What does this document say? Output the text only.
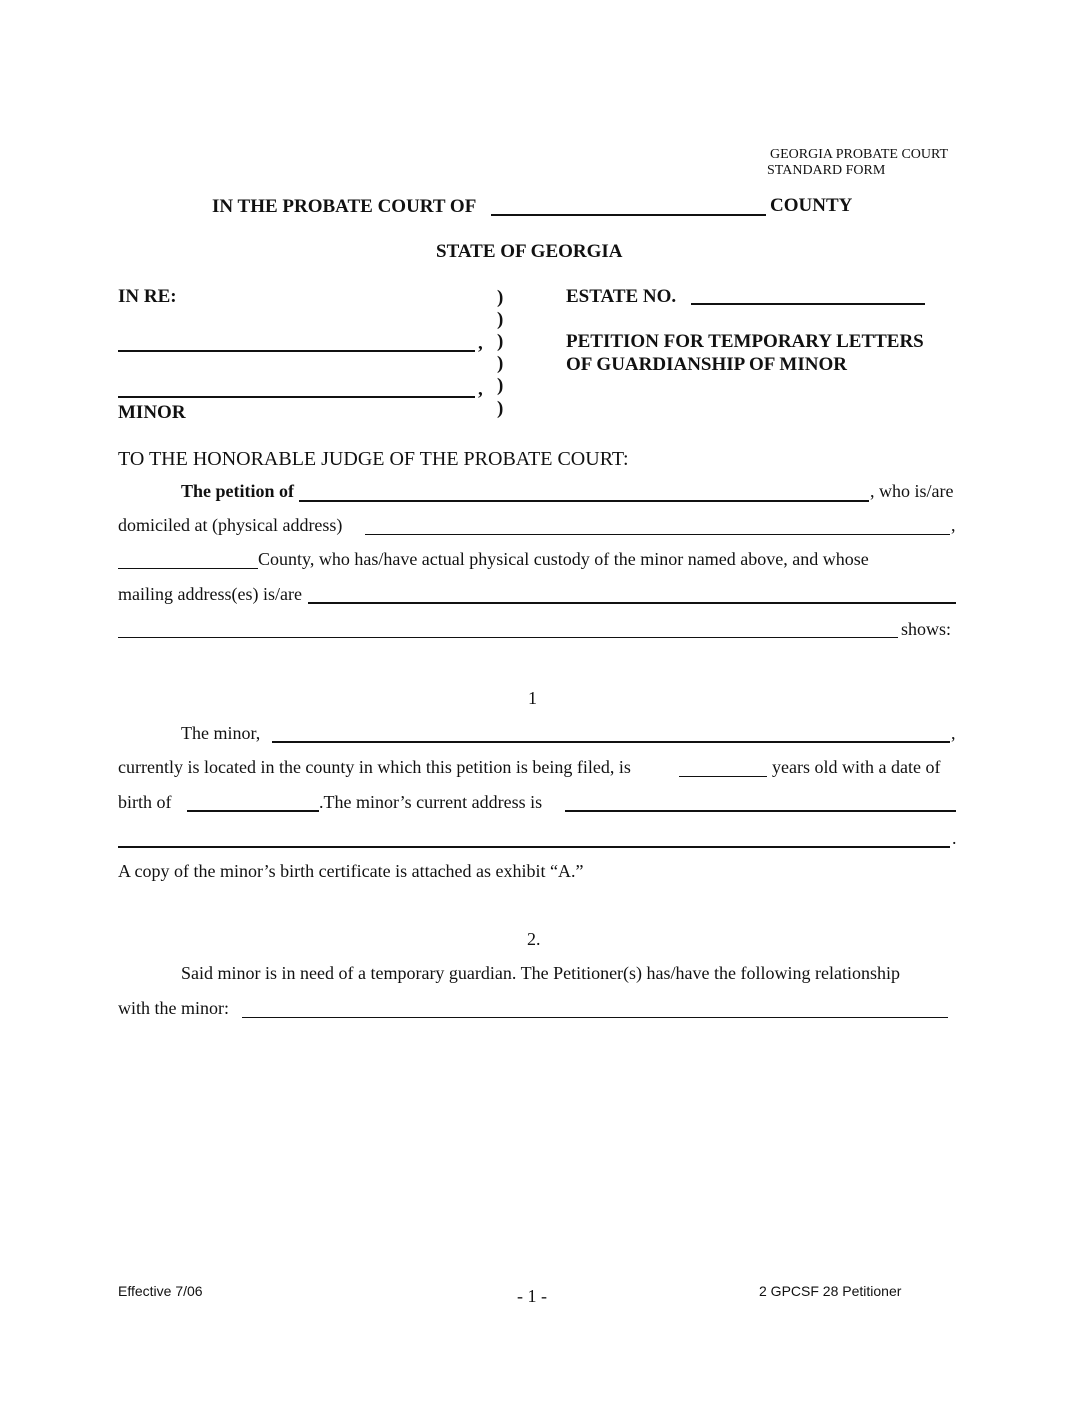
GEORGIA PROBATE COURT
STANDARD FORM
IN THE PROBATE COURT OF	COUNTY
STATE OF GEORGIA
IN RE:
,
,
MINOR
)
)
)
)
)
)
ESTATE NO.
PETITION FOR TEMPORARY LETTERS
OF GUARDIANSHIP OF MINOR
TO THE HONORABLE JUDGE OF THE PROBATE COURT:
The petition of	, who is/are
domiciled at (physical address)	,
County, who has/have actual physical custody of the minor named above, and whose
mailing address(es) is/are
shows:
1
The minor,	,
currently is located in the county in which this petition is being filed, is	years old with a date of
birth of	.The minor’s current address is
.
A copy of the minor’s birth certificate is attached as exhibit “A.”
2.
Said minor is in need of a temporary guardian. The Petitioner(s) has/have the following relationship
with the minor:
Effective 7/06	- 1 -	2 GPCSF 28 Petitioner
